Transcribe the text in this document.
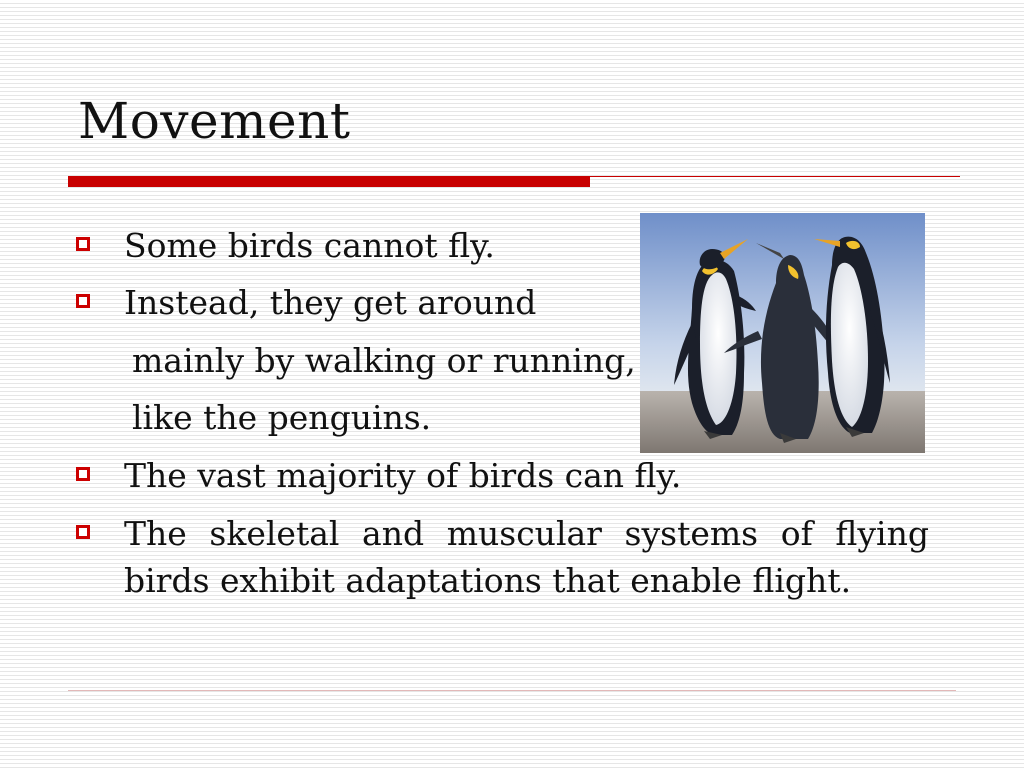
Movement
Some birds cannot fly.
Instead, they get around
mainly by walking or running,
like the penguins.
The vast majority of birds can fly.
The skeletal and muscular systems of flying
birds exhibit adaptations that enable flight.
